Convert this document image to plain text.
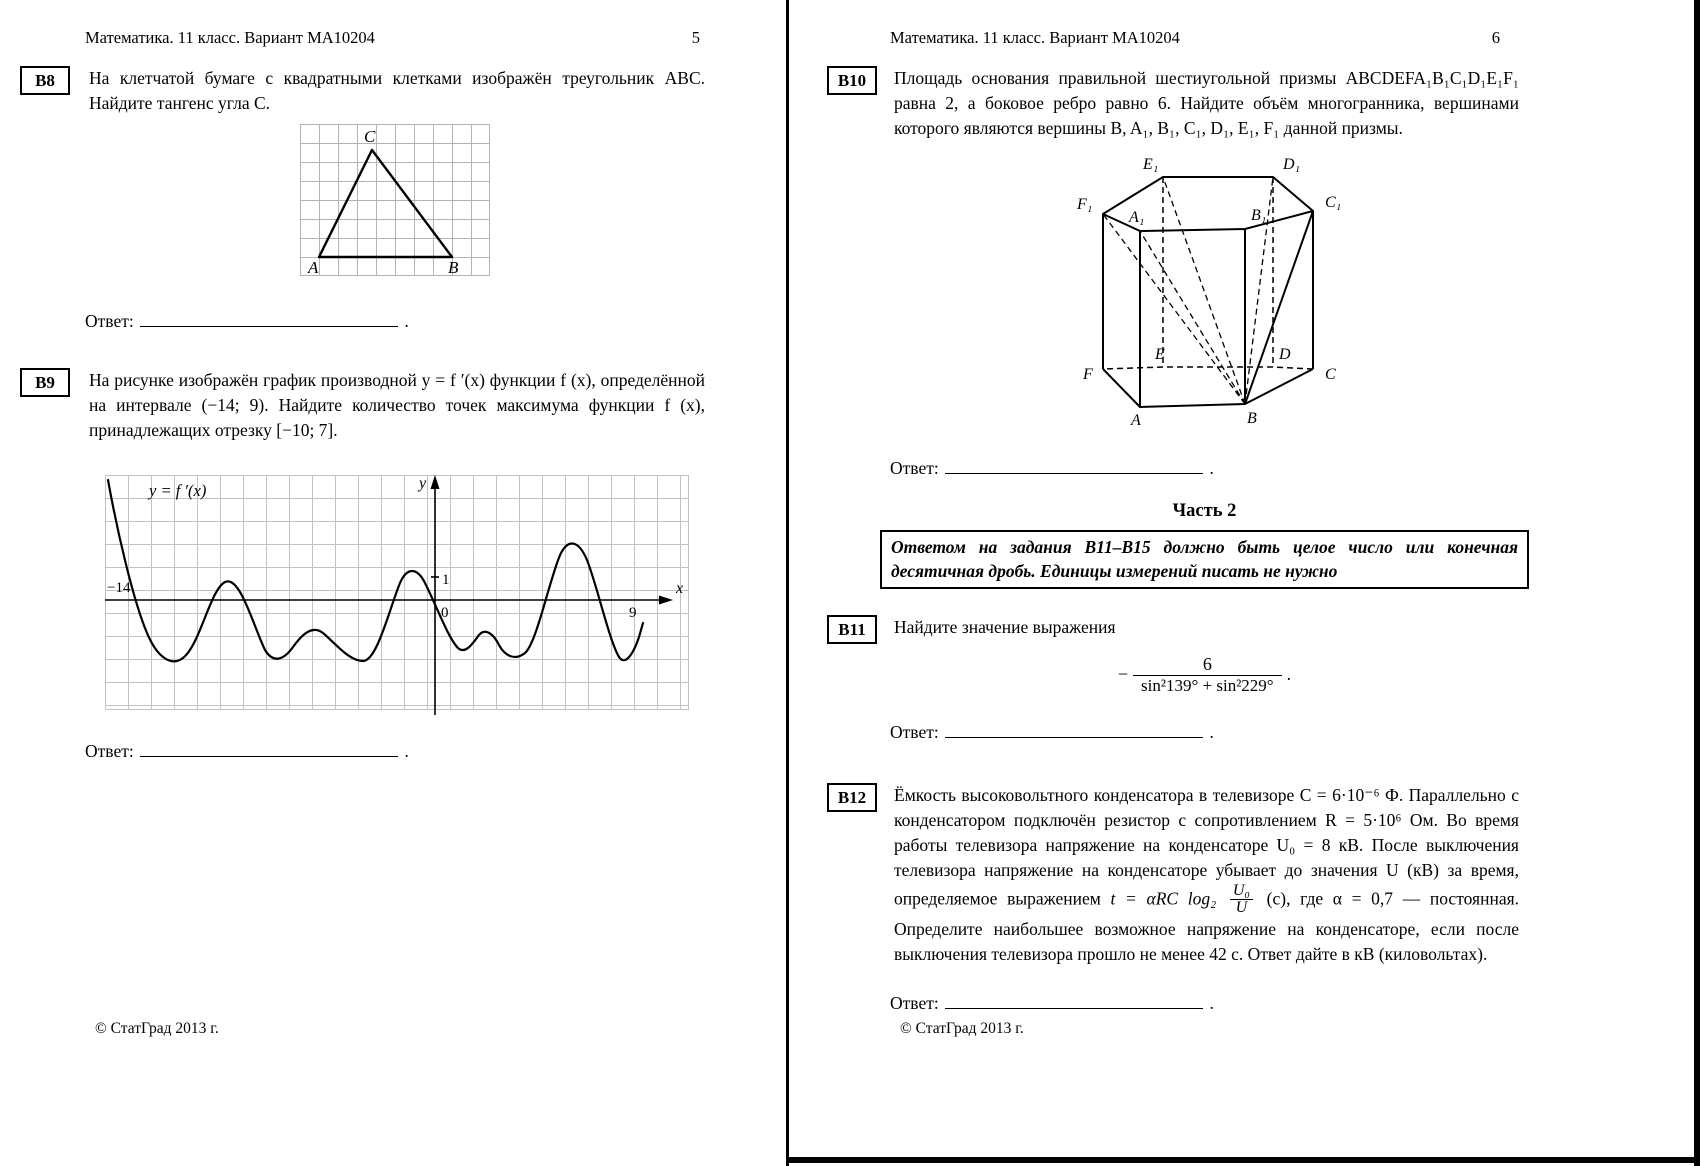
Математика. 11 класс. Вариант МА10204	5
B8	На клетчатой бумаге с квадратными клетками изображён треугольник ABC. Найдите тангенс угла C.
C
A	B
Ответ:	.
B9	На рисунке изображён график производной y = f ′(x) функции f (x), определённой на интервале (−14; 9). Найдите количество точек максимума функции f (x), принадлежащих отрезку [−10; 7].
1
0
−14
9
x
y
y = f ′(x)
Ответ:	.
© СтатГрад 2013 г.
Математика. 11 класс. Вариант МА10204	6
B10	Площадь основания правильной шестиугольной призмы ABCDEFA₁B₁C₁D₁E₁F₁ равна 2, а боковое ребро равно 6. Найдите объём многогранника, вершинами которого являются вершины B, A₁, B₁, C₁, D₁, E₁, F₁ данной призмы.
E₁	D₁
F₁	C₁
A₁	B₁
F
E	D
C
A	B
Ответ:	.
Часть 2
Ответом на задания В11–В15 должно быть целое число или конечная десятичная дробь. Единицы измерений писать не нужно
B11	Найдите значение выражения
− $\frac{6}{\text{sin²139° + sin²229°}}$ .
Ответ:	.
B12	Ёмкость высоковольтного конденсатора в телевизоре C = 6·10⁻⁶ Ф. Параллельно с конденсатором подключён резистор с сопротивлением R = 5·10⁶ Ом. Во время работы телевизора напряжение на конденсаторе U₀ = 8 кВ. После выключения телевизора напряжение на конденсаторе убывает до значения U (кВ) за время, определяемое выражением t = αRC $\log_2 \frac{\text{U₀}}{U} (с)$, где α = 0,7 — постоянная. Определите наибольшее возможное напряжение на конденсаторе, если после выключения телевизора прошло не менее 42 с. Ответ дайте в кВ (киловольтах).
Ответ:	.
© СтатГрад 2013 г.
